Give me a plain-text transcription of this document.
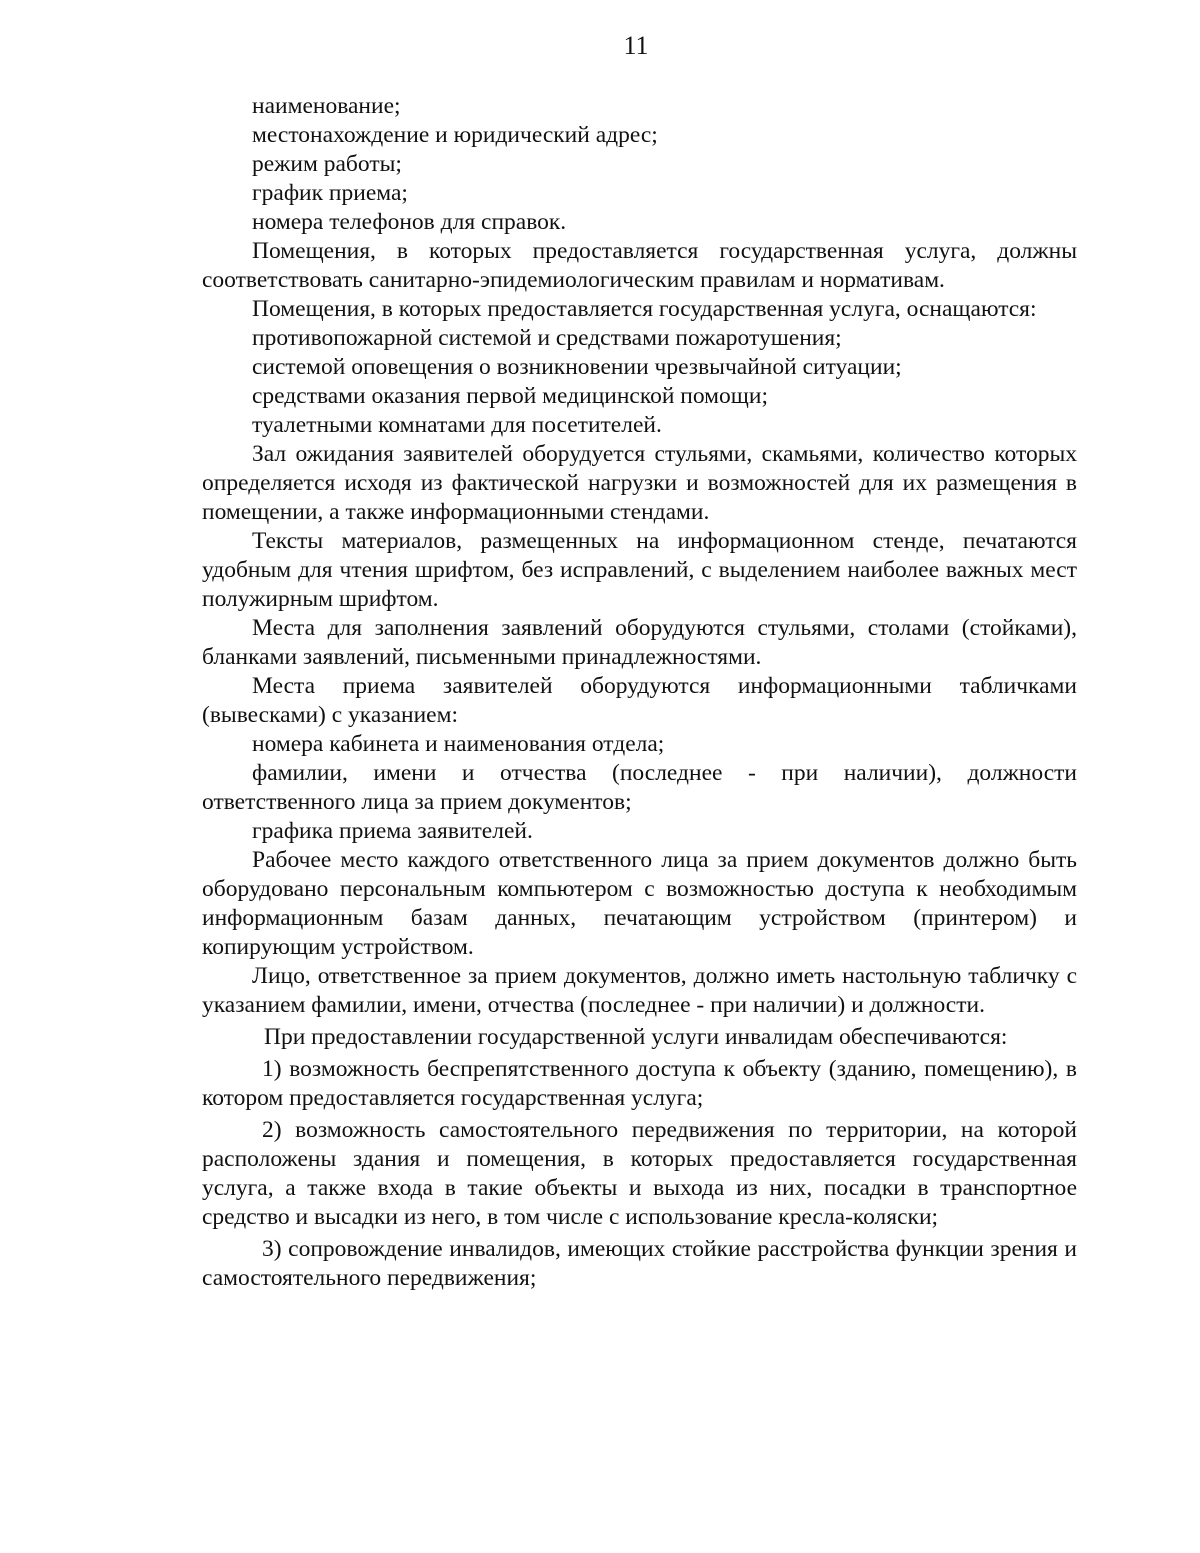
11

наименование;

местонахождение и юридический адрес;

режим работы;

график приема;

номера телефонов для справок.

Помещения, в которых предоставляется государственная услуга, должны соответствовать санитарно-эпидемиологическим правилам и нормативам.

Помещения, в которых предоставляется государственная услуга, оснащаются:

противопожарной системой и средствами пожаротушения;

системой оповещения о возникновении чрезвычайной ситуации;

средствами оказания первой медицинской помощи;

туалетными комнатами для посетителей.

Зал ожидания заявителей оборудуется стульями, скамьями, количество которых определяется исходя из фактической нагрузки и возможностей для их размещения в помещении, а также информационными стендами.

Тексты материалов, размещенных на информационном стенде, печатаются удобным для чтения шрифтом, без исправлений, с выделением наиболее важных мест полужирным шрифтом.

Места для заполнения заявлений оборудуются стульями, столами (стойками), бланками заявлений, письменными принадлежностями.

Места приема заявителей оборудуются информационными табличками (вывесками) с указанием:

номера кабинета и наименования отдела;

фамилии, имени и отчества (последнее - при наличии), должности ответственного лица за прием документов;

графика приема заявителей.

Рабочее место каждого ответственного лица за прием документов должно быть оборудовано персональным компьютером с возможностью доступа к необходимым информационным базам данных, печатающим устройством (принтером) и копирующим устройством.

Лицо, ответственное за прием документов, должно иметь настольную табличку с указанием фамилии, имени, отчества (последнее - при наличии) и должности.

При предоставлении государственной услуги инвалидам обеспечиваются:

1) возможность беспрепятственного доступа к объекту (зданию, помещению), в котором предоставляется государственная услуга;

2) возможность самостоятельного передвижения по территории, на которой расположены здания и помещения, в которых предоставляется государственная услуга, а также входа в такие объекты и выхода из них, посадки в транспортное средство и высадки из него, в том числе с использование кресла-коляски;

3) сопровождение инвалидов, имеющих стойкие расстройства функции зрения и самостоятельного передвижения;
